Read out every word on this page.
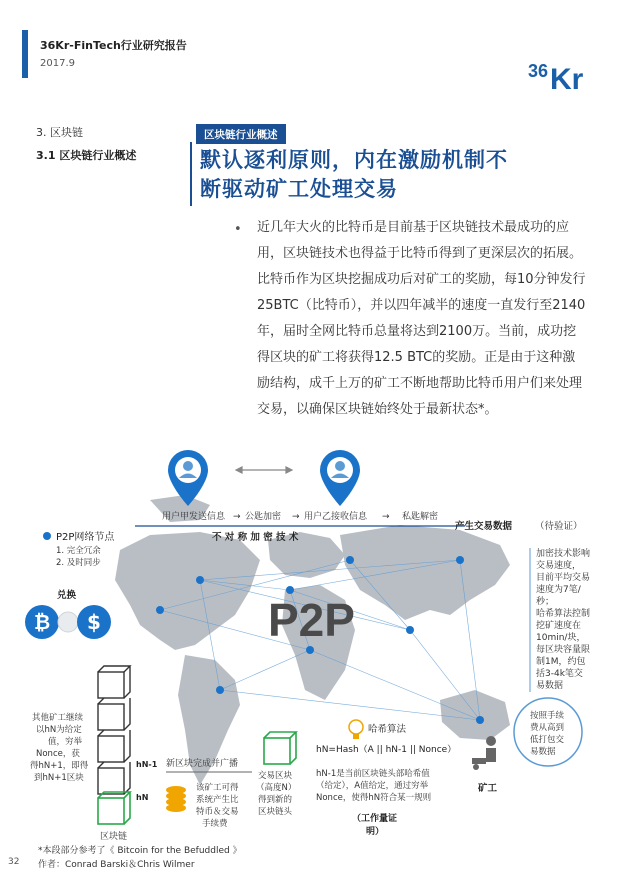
36Kr-FinTech行业研究报告
2017.9	36 Kr
3. 区块链
3.1 区块链行业概述
区块链行业概述
默认逐利原则，内在激励机制不
断驱动矿工处理交易
• 近几年大火的比特币是目前基于区块链技术最成功的应用，区块链技术也得益于比特币得到了更深层次的拓展。比特币作为区块挖掘成功后对矿工的奖励，每10分钟发行25BTC（比特币），并以四年减半的速度一直发行至2140年，届时全网比特币总量将达到2100万。当前，成功挖得区块的矿工将获得12.5 BTC的奖励。正是由于这种激励结构，成千上万的矿工不断地帮助比特币用户们来处理交易，以确保区块链始终处于最新状态*。
用户甲发送信息 → 公匙加密 → 用户乙接收信息 → 私匙解密
不 对 称 加 密 技 术
产生交易数据 （待验证）
P2P网络节点
1. 完全冗余
2. 及时同步
兑换
₿ $	P2P
加密技术影响
交易速度，
目前平均交易
速度为7笔/
秒；
哈希算法控制
挖矿速度在
10min/块，
每区块容量限
制1M，约包
括3-4k笔交
易数据
按照手续
费从高到
低打包交
易数据
矿工
哈希算法
hN=Hash（A || hN-1 || Nonce）
hN-1是当前区块链头部哈希值
（给定），A值给定，通过穷举
Nonce，使得hN符合某一规则
（工作量证
明）
交易区块
（高度N）
得到新的
区块链头
区块链
其他矿工继续
以hN为给定
值，穷举
Nonce，获
得hN+1，即得
到hN+1区块
hN-1
hN
新区块完成并广播
该矿工可得
系统产生比
特币＆交易
手续费
*本段部分参考了《 Bitcoin for the Befuddled 》
作者：Conrad Barski＆Chris Wilmer
32
